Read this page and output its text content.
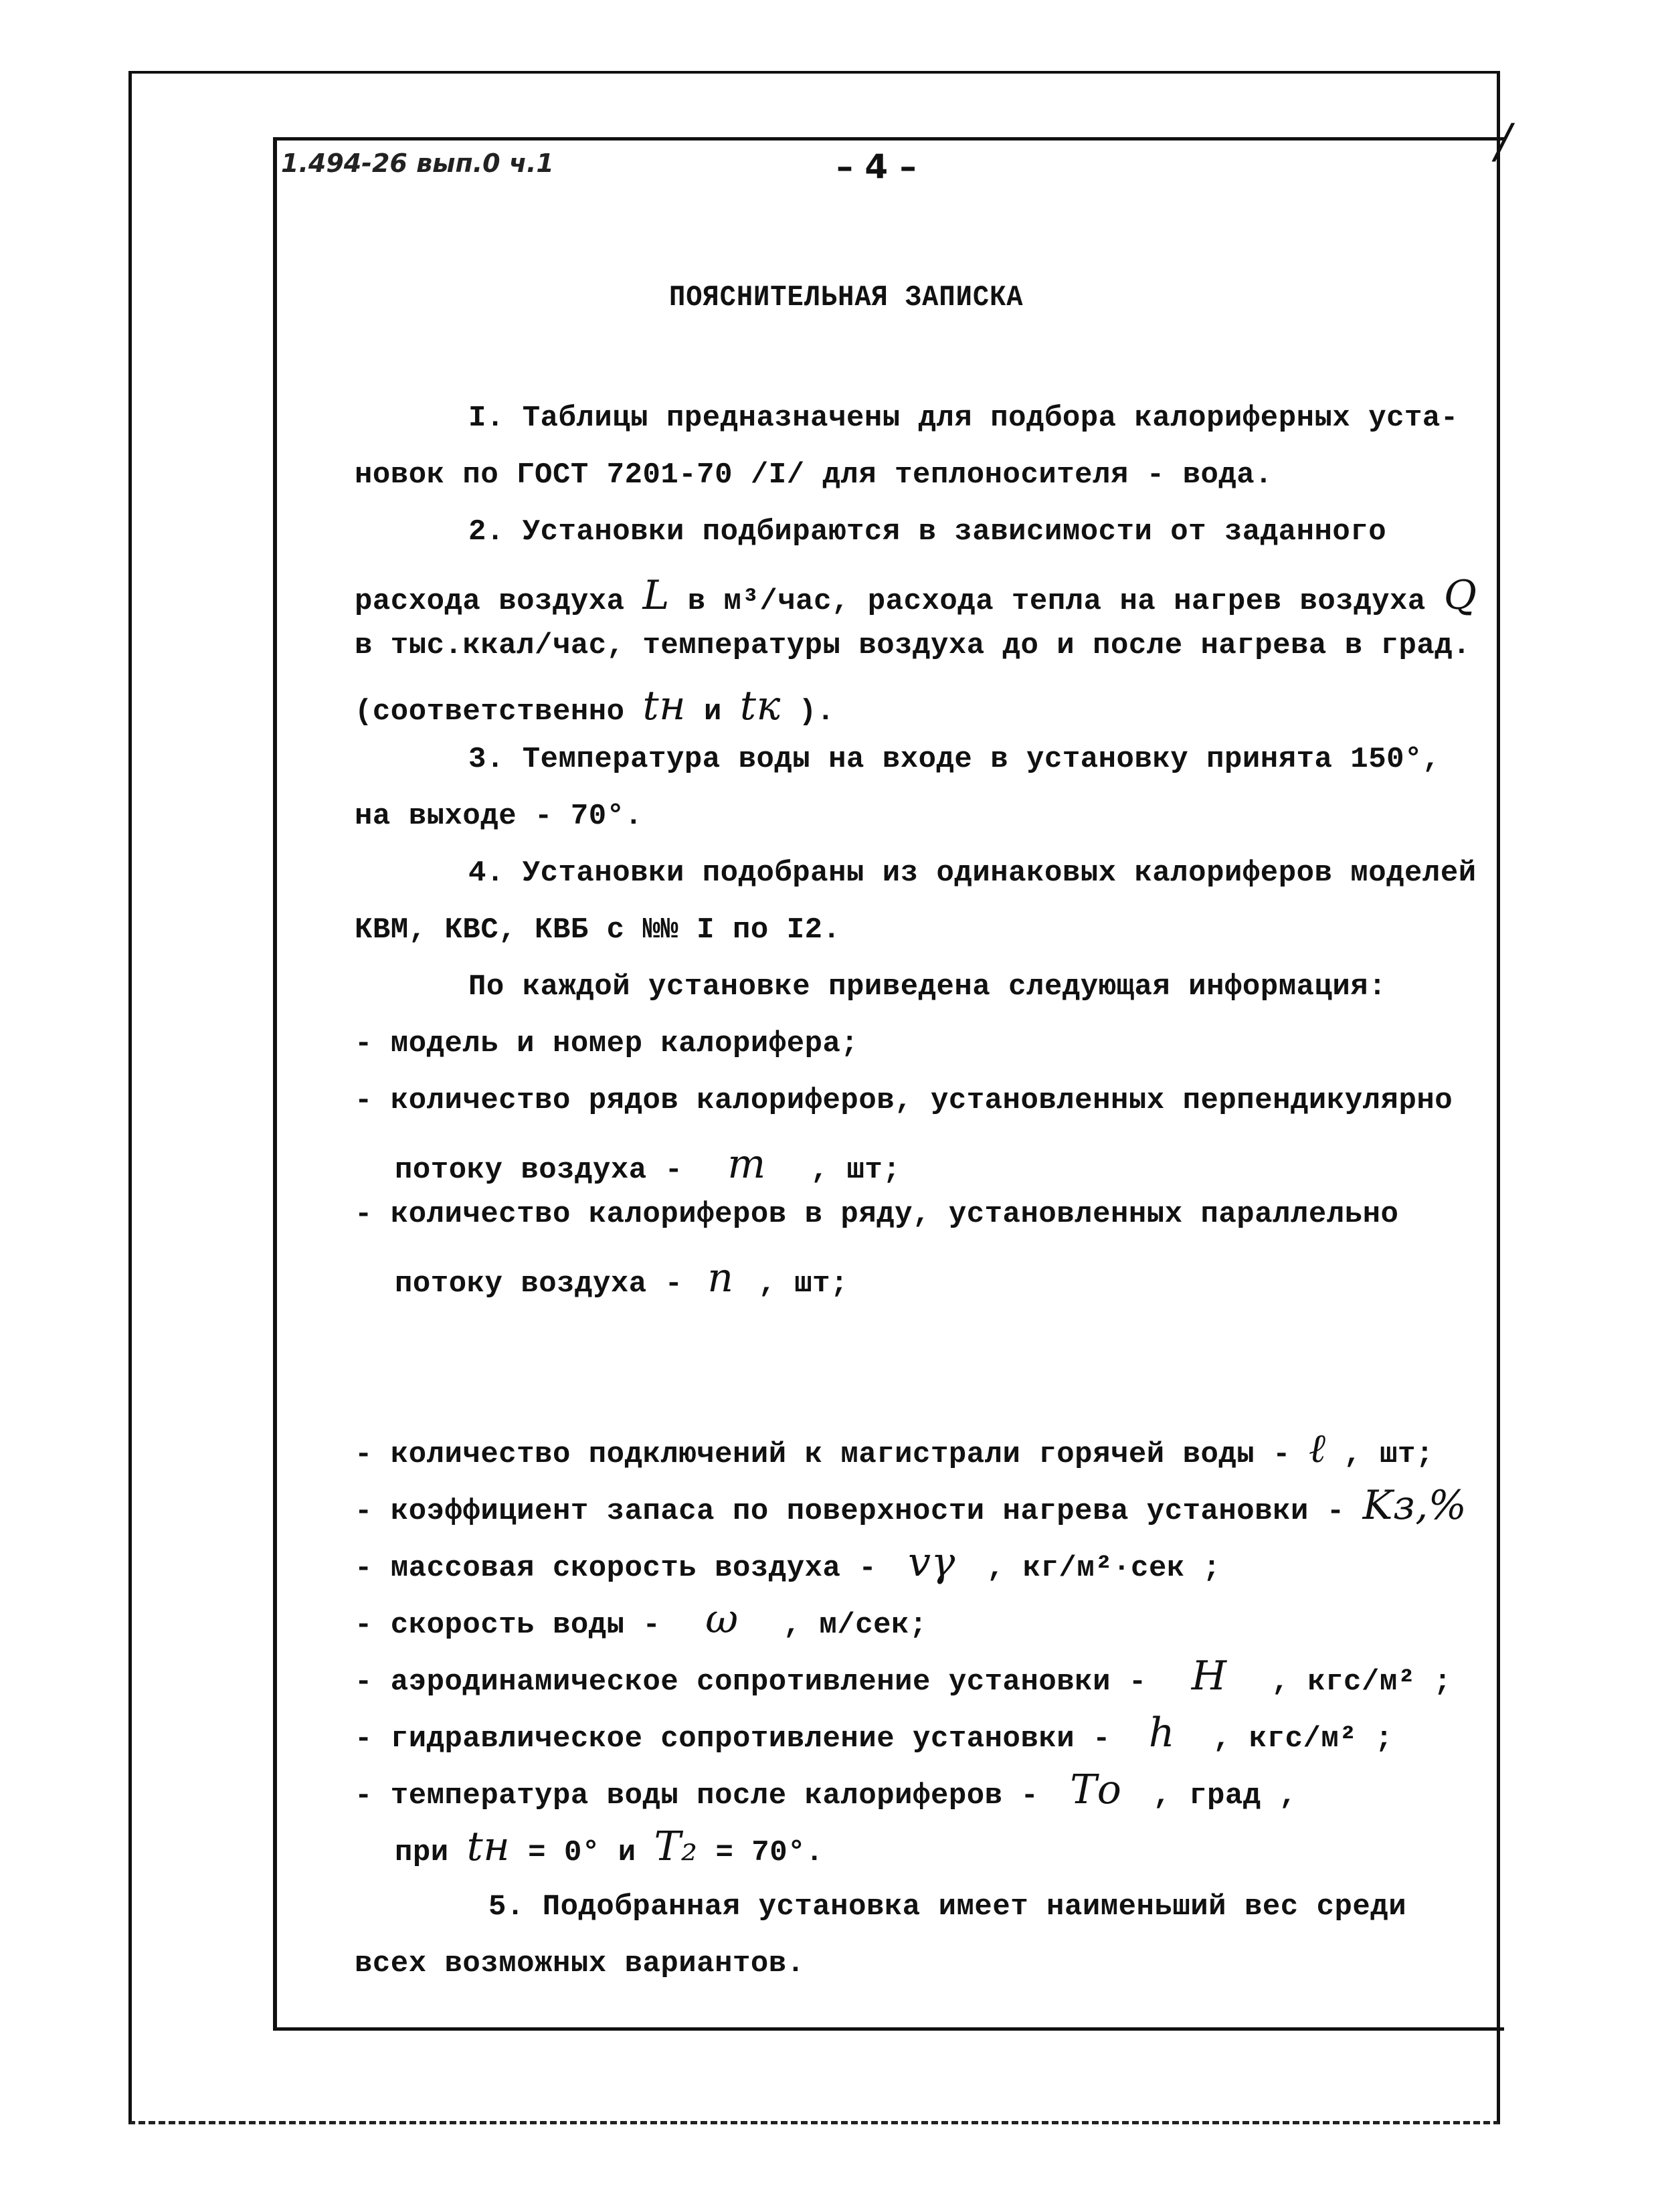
/
1.494-26 вып.0 ч.1	– 4 –
ПОЯСНИТЕЛЬНАЯ ЗАПИСКА
I. Таблицы предназначены для подбора калориферных уста-
новок по ГОСТ 7201-70 /I/ для теплоносителя - вода.
2. Установки подбираются в зависимости от заданного
расхода воздуха L в м³/час, расхода тепла на нагрев воздуха Q
в тыс.ккал/час, температуры воздуха до и после нагрева в град.
(соответственно tн и tк ).
3. Температура воды на входе в установку принята 150°,
на выходе - 70°.
4. Установки подобраны из одинаковых калориферов моделей
КВМ, КВС, КВБ с №№ I по I2.
По каждой установке приведена следующая информация:
- модель и номер калорифера;
- количество рядов калориферов, установленных перпендикулярно
потоку воздуха - m , шт;
- количество калориферов в ряду, установленных параллельно
потоку воздуха - n , шт;
- количество подключений к магистрали горячей воды - ℓ , шт;
- коэффициент запаса по поверхности нагрева установки - Kз,%
- массовая скорость воздуха - vγ , кг/м²·сек ;
- скорость воды - ω , м/сек;
- аэродинамическое сопротивление установки - H , кгс/м² ;
- гидравлическое сопротивление установки - h , кгс/м² ;
- температура воды после калориферов - Tо , град ,
при tн = 0° и T₂ = 70°.
5. Подобранная установка имеет наименьший вес среди
всех возможных вариантов.
